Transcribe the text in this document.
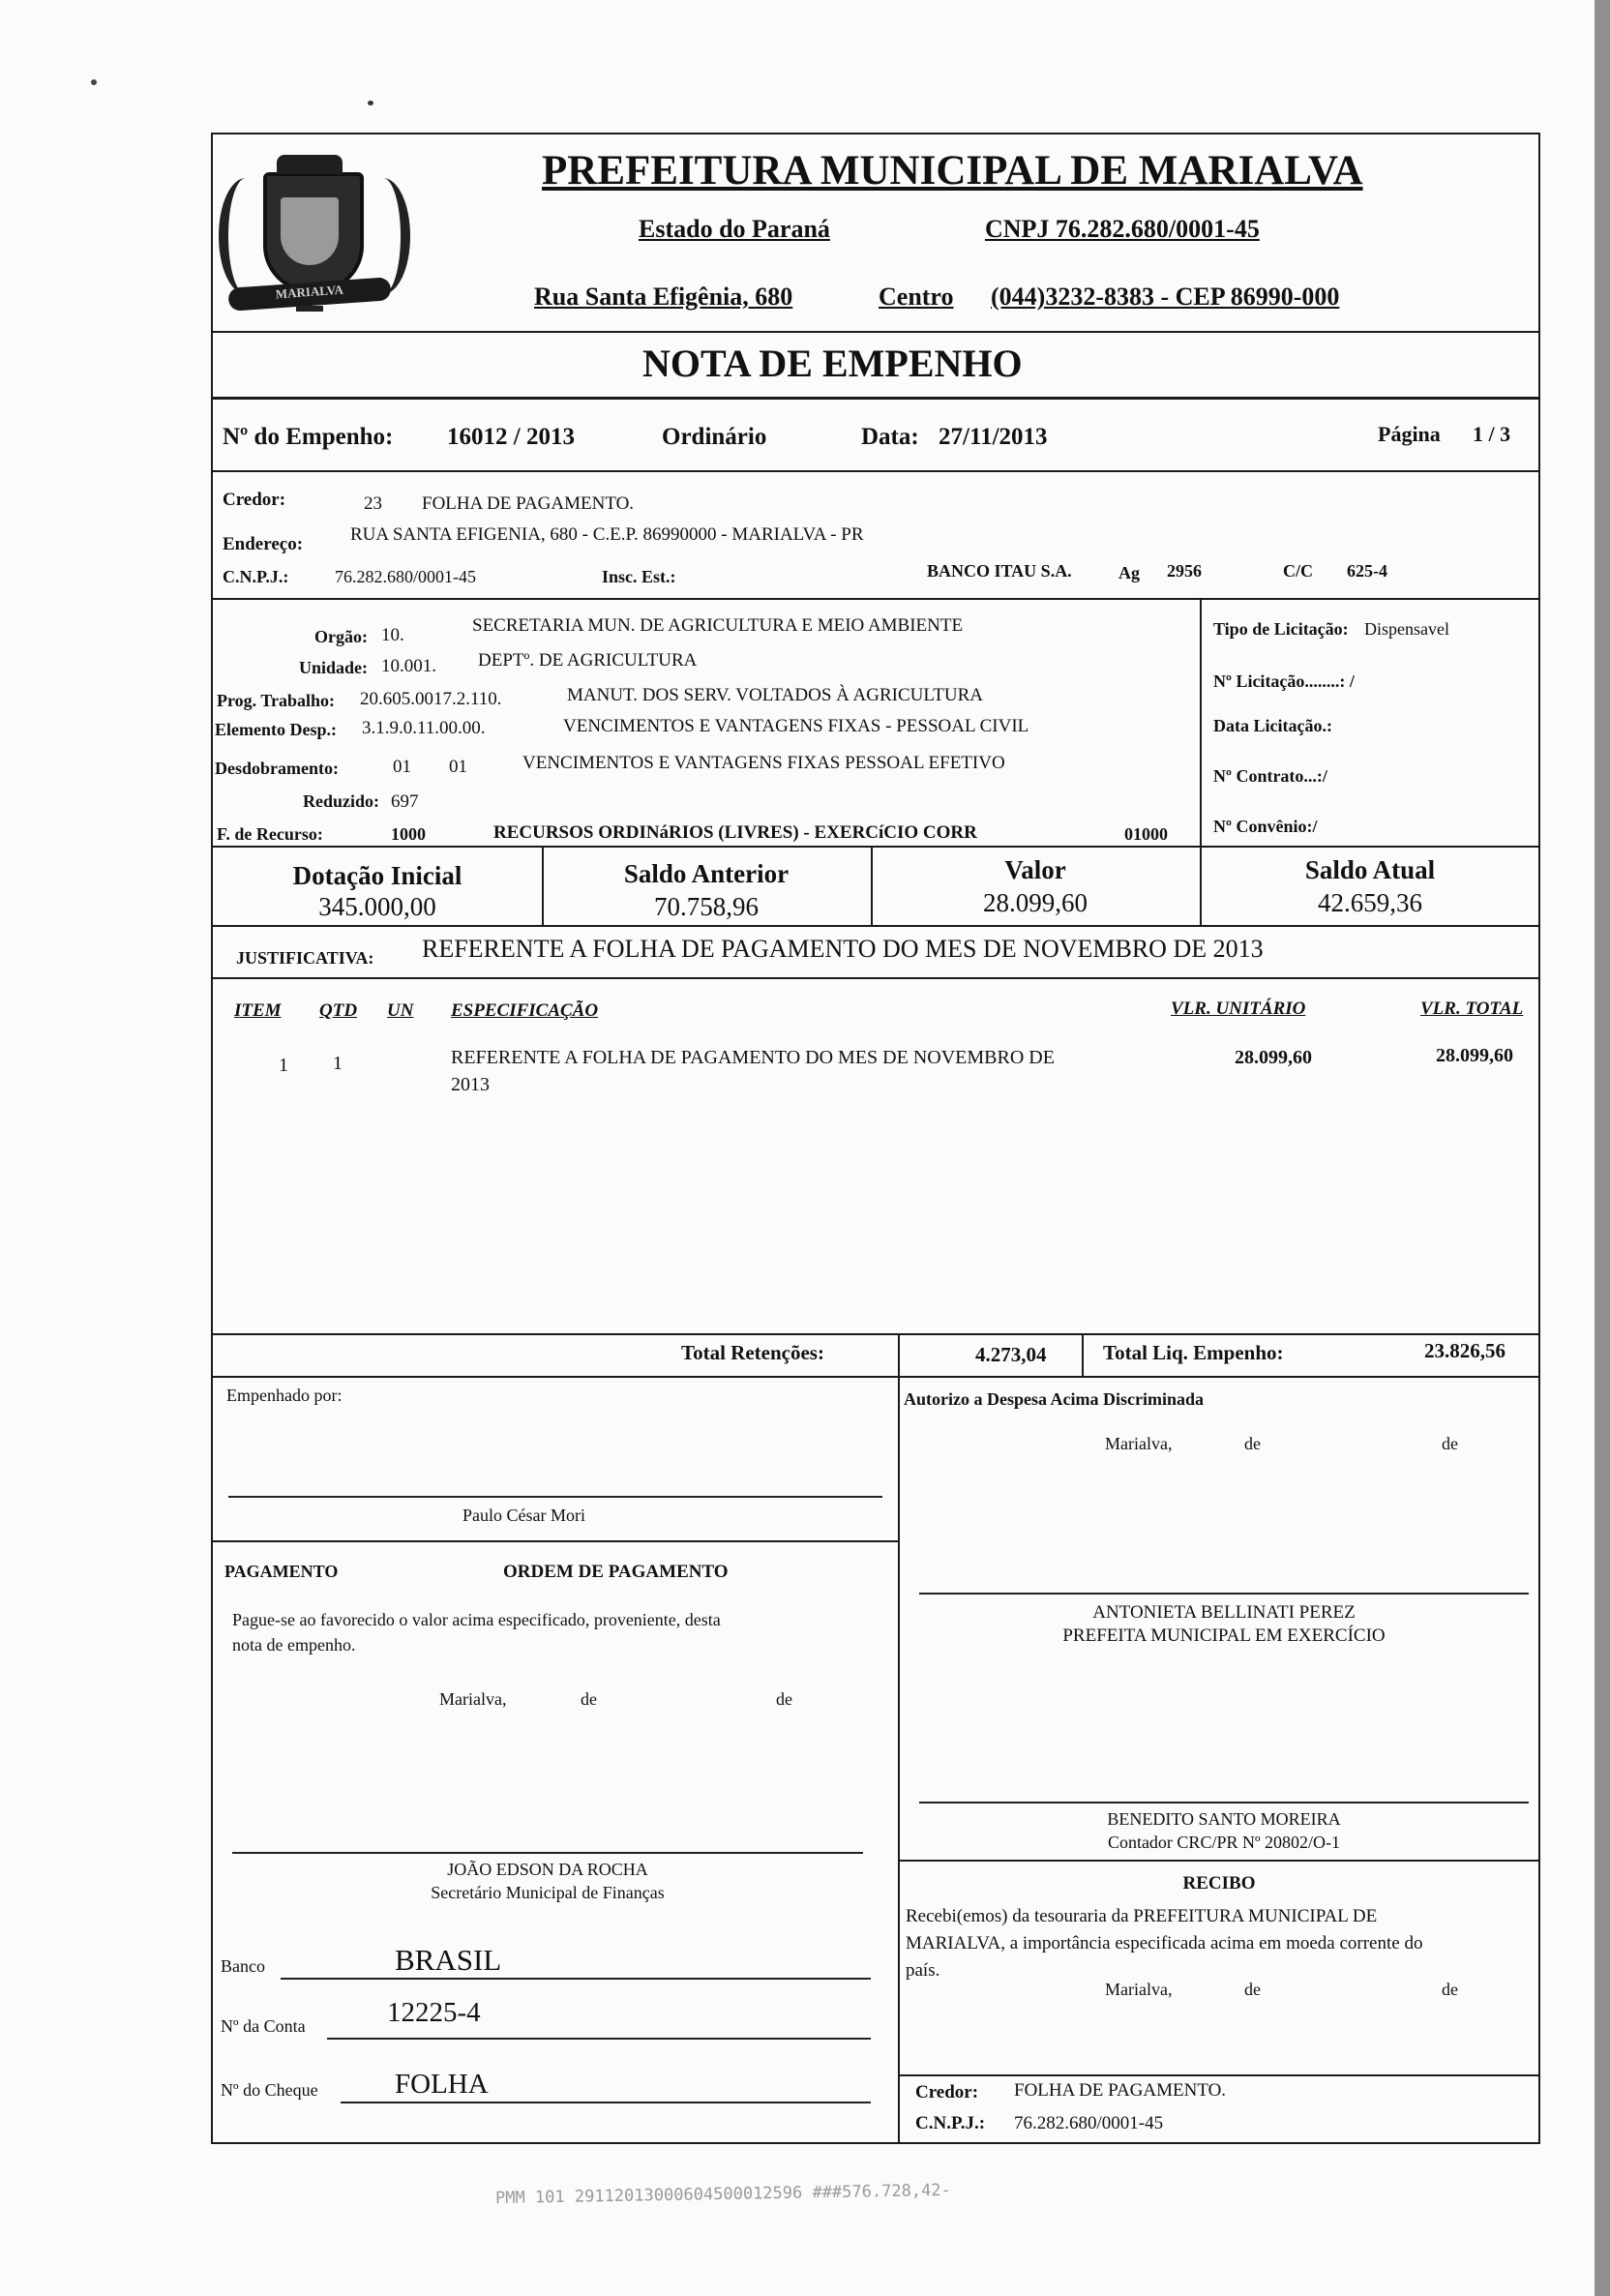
MARIALVA
PREFEITURA MUNICIPAL DE MARIALVA
Estado do Paraná	CNPJ 76.282.680/0001-45
Rua Santa Efigênia, 680	Centro (044)3232-8383 - CEP 86990-000
NOTA DE EMPENHO
Nº do Empenho: 16012 / 2013	Ordinário	Data: 27/11/2013	Página 1 / 3
Credor:	23 FOLHA DE PAGAMENTO.
Endereço:	RUA SANTA EFIGENIA, 680 - C.E.P. 86990000 - MARIALVA - PR
C.N.P.J.:	76.282.680/0001-45	Insc. Est.:	BANCO ITAU S.A.	Ag 2956	C/C 625-4
Orgão: 10.	SECRETARIA MUN. DE AGRICULTURA E MEIO AMBIENTE
Unidade: 10.001. DEPTº. DE AGRICULTURA
Prog. Trabalho: 20.605.0017.2.110.	MANUT. DOS SERV. VOLTADOS À AGRICULTURA
Elemento Desp.: 3.1.9.0.11.00.00.	VENCIMENTOS E VANTAGENS FIXAS - PESSOAL CIVIL
Desdobramento:	01 01	VENCIMENTOS E VANTAGENS FIXAS PESSOAL EFETIVO
Reduzido: 697
F. de Recurso:	1000	RECURSOS ORDINáRIOS (LIVRES) - EXERCíCIO CORR	01000
Tipo de Licitação: Dispensavel
Nº Licitação........: /
Data Licitação.:
Nº Contrato...:/
Nº Convênio:/
Dotação Inicial
345.000,00
Saldo Anterior
70.758,96
Valor
28.099,60
Saldo Atual
42.659,36
JUSTIFICATIVA: REFERENTE A FOLHA DE PAGAMENTO DO MES DE NOVEMBRO DE 2013
ITEM QTD UN ESPECIFICAÇÃO	VLR. UNITÁRIO	VLR. TOTAL
1 1	REFERENTE A FOLHA DE PAGAMENTO DO MES DE NOVEMBRO DE
2013
28.099,60	28.099,60
Total Retenções:	4.273,04	Total Liq. Empenho:	23.826,56
Empenhado por:
Paulo César Mori
PAGAMENTO	ORDEM DE PAGAMENTO
Pague-se ao favorecido o valor acima especificado, proveniente, desta
nota de empenho.
Marialva,	de	de
JOÃO EDSON DA ROCHA
Secretário Municipal de Finanças
Banco	BRASIL
Nº da Conta	12225-4
Nº do Cheque	FOLHA
Autorizo a Despesa Acima Discriminada
Marialva,	de	de
ANTONIETA BELLINATI PEREZ
PREFEITA MUNICIPAL EM EXERCÍCIO
BENEDITO SANTO MOREIRA
Contador CRC/PR Nº 20802/O-1
RECIBO
Recebi(emos) da tesouraria da PREFEITURA MUNICIPAL DE
MARIALVA, a importância especificada acima em moeda corrente do
país.
Marialva,	de	de
Credor: FOLHA DE PAGAMENTO.
C.N.P.J.: 76.282.680/0001-45
PMM 101 29112013000604500012596 ###576.728,42-
